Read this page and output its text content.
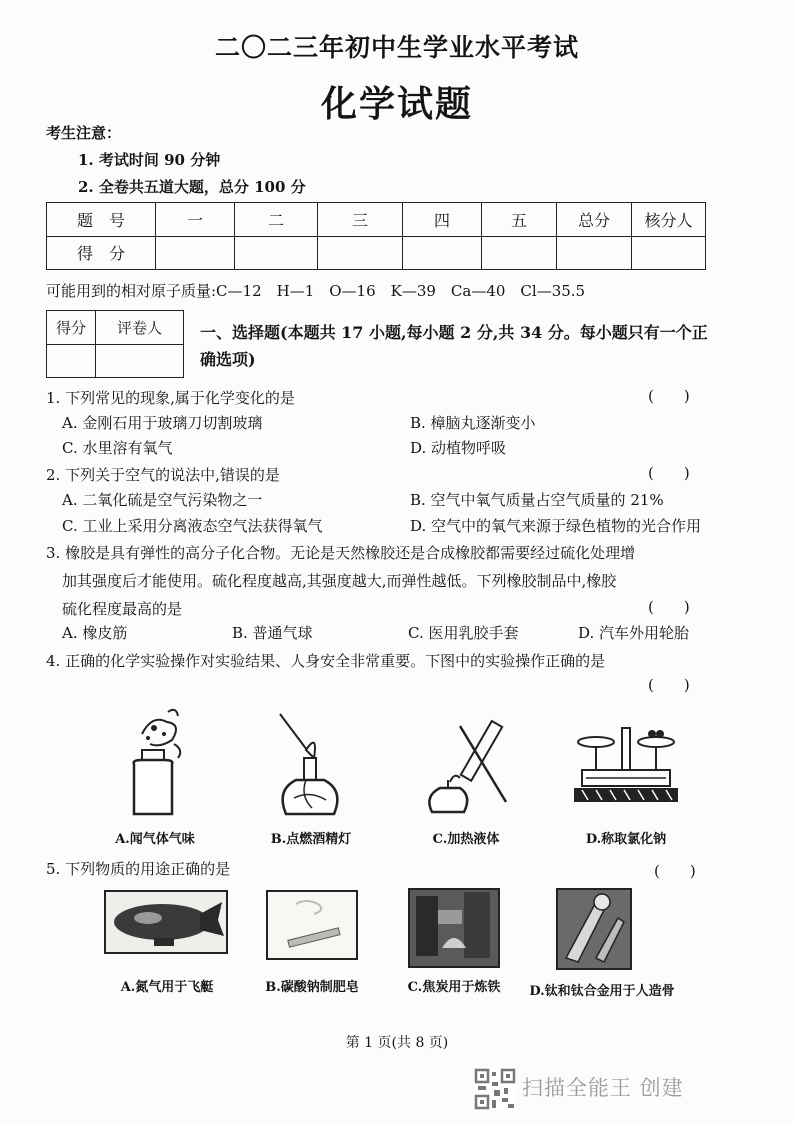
二〇二三年初中生学业水平考试
化学试题
考生注意：
1. 考试时间 90 分钟
2. 全卷共五道大题，总分 100 分
题　号	一	二	三	四	五	总分	核分人
得　分							
可能用到的相对原子质量:C—12　H—1　O—16　K—39　Ca—40　Cl—35.5
得分	评卷人
	一、选择题(本题共 17 小题,每小题 2 分,共 34 分。每小题只有一个正
确选项)
1. 下列常见的现象,属于化学变化的是	(　　)
A. 金刚石用于玻璃刀切割玻璃	B. 樟脑丸逐渐变小
C. 水里溶有氧气	D. 动植物呼吸
2. 下列关于空气的说法中,错误的是	(　　)
A. 二氧化硫是空气污染物之一	B. 空气中氧气质量占空气质量的 21%
C. 工业上采用分离液态空气法获得氧气	D. 空气中的氧气来源于绿色植物的光合作用
3. 橡胶是具有弹性的高分子化合物。无论是天然橡胶还是合成橡胶都需要经过硫化处理增
加其强度后才能使用。硫化程度越高,其强度越大,而弹性越低。下列橡胶制品中,橡胶
硫化程度最高的是	(　　)
A. 橡皮筋	B. 普通气球	C. 医用乳胶手套	D. 汽车外用轮胎
4. 正确的化学实验操作对实验结果、人身安全非常重要。下图中的实验操作正确的是
(　　)
A.闻气体气味	B.点燃酒精灯	C.加热液体	D.称取氯化钠
5. 下列物质的用途正确的是	(　　)
A.氮气用于飞艇	B.碳酸钠制肥皂	C.焦炭用于炼铁	D.钛和钛合金用于人造骨
第 1 页(共 8 页)
扫描全能王 创建
